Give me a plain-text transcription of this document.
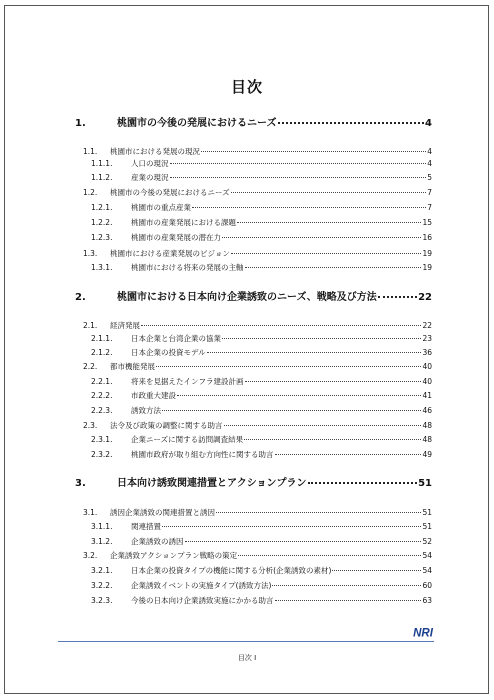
目次
1.	桃園市の今後の発展におけるニーズ	4
1.1.	桃園市における発展の現況	4
1.1.1.	人口の現況	4
1.1.2.	産業の現況	5
1.2.	桃園市の今後の発展におけるニーズ	7
1.2.1.	桃園市の重点産業	7
1.2.2.	桃園市の産業発展における課題	15
1.2.3.	桃園市の産業発展の潜在力	16
1.3.	桃園市における産業発展のビジョン	19
1.3.1.	桃園市における将来の発展の主軸	19
2.	桃園市における日本向け企業誘致のニーズ、戦略及び方法	22
2.1.	経済発展	22
2.1.1.	日本企業と台湾企業の協業	23
2.1.2.	日本企業の投資モデル	36
2.2.	都市機能発展	40
2.2.1.	将来を見据えたインフラ建設計画	40
2.2.2.	市政重大建設	41
2.2.3.	誘致方法	46
2.3.	法令及び政策の調整に関する助言	48
2.3.1.	企業ニーズに関する訪問調査結果	48
2.3.2.	桃園市政府が取り組む方向性に関する助言	49
3.	日本向け誘致関連措置とアクションプラン	51
3.1.	誘因企業誘致の関連措置と誘因	51
3.1.1.	関連措置	51
3.1.2.	企業誘致の誘因	52
3.2.	企業誘致アクションプラン戦略の策定	54
3.2.1.	日本企業の投資タイプの機能に関する分析(企業誘致の素材)	54
3.2.2.	企業誘致イベントの実施タイプ(誘致方法)	60
3.2.3.	今後の日本向け企業誘致実施にかかる助言	63
NRI
目次 I
